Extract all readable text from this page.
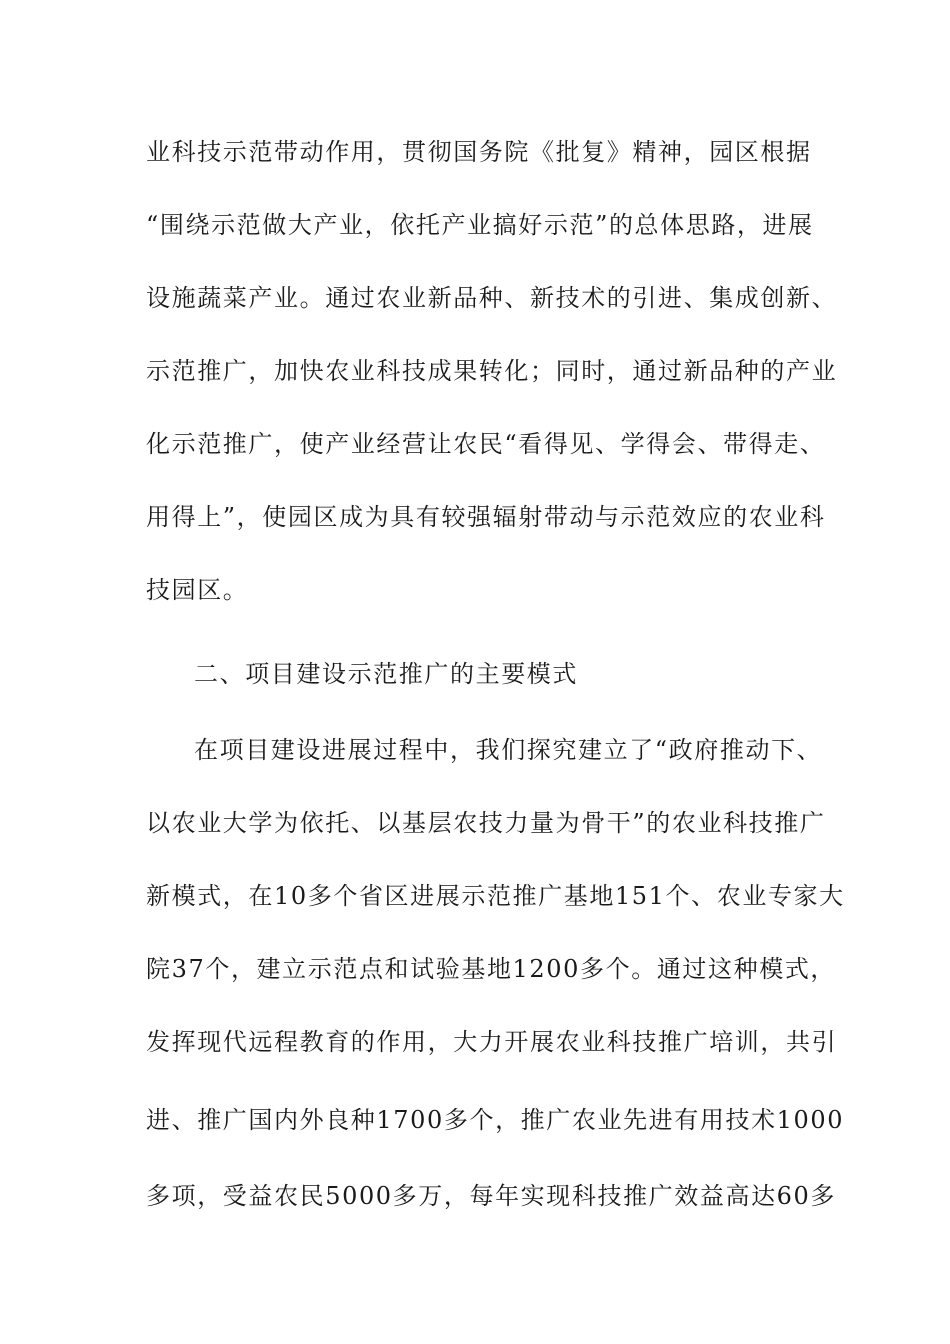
业科技示范带动作用，贯彻国务院《批复》精神，园区根据
“围绕示范做大产业，依托产业搞好示范”的总体思路，进展
设施蔬菜产业。通过农业新品种、新技术的引进、集成创新、
示范推广，加快农业科技成果转化；同时，通过新品种的产业
化示范推广，使产业经营让农民“看得见、学得会、带得走、
用得上”，使园区成为具有较强辐射带动与示范效应的农业科
技园区。
二、项目建设示范推广的主要模式
在项目建设进展过程中，我们探究建立了“政府推动下、
以农业大学为依托、以基层农技力量为骨干”的农业科技推广
新模式，在10多个省区进展示范推广基地151个、农业专家大
院37个，建立示范点和试验基地1200多个。通过这种模式，
发挥现代远程教育的作用，大力开展农业科技推广培训，共引
进、推广国内外良种1700多个，推广农业先进有用技术1000
多项，受益农民5000多万，每年实现科技推广效益高达60多
